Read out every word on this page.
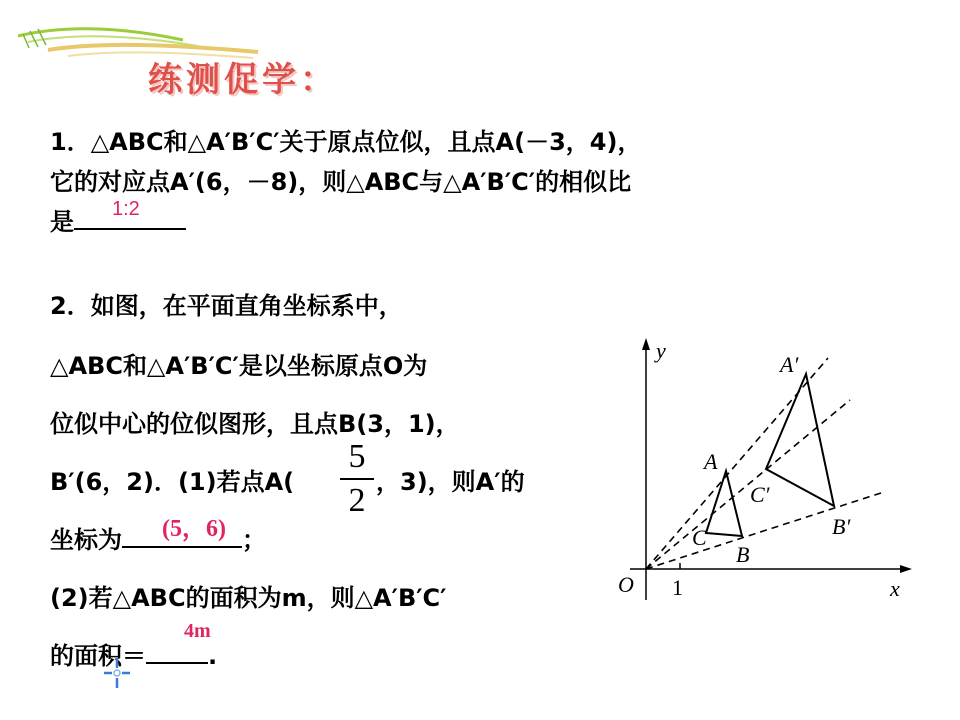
练测促学：
1．△ABC和△A′B′C′关于原点位似，且点A(－3，4)，
它的对应点A′(6，－8)，则△ABC与△A′B′C′的相似比
是	1:2
2．如图，在平面直角坐标系中，
△ABC和△A′B′C′是以坐标原点O为
位似中心的位似图形，且点B(3，1)，
B′(6，2)．(1)若点A(
5
2 ，3)，则A′的
坐标为	；
(5，6)
(2)若△ABC的面积为m，则△A′B′C′
的面积＝	.
4m
y
x
O
A
B
C
A′
B′
C′
1
